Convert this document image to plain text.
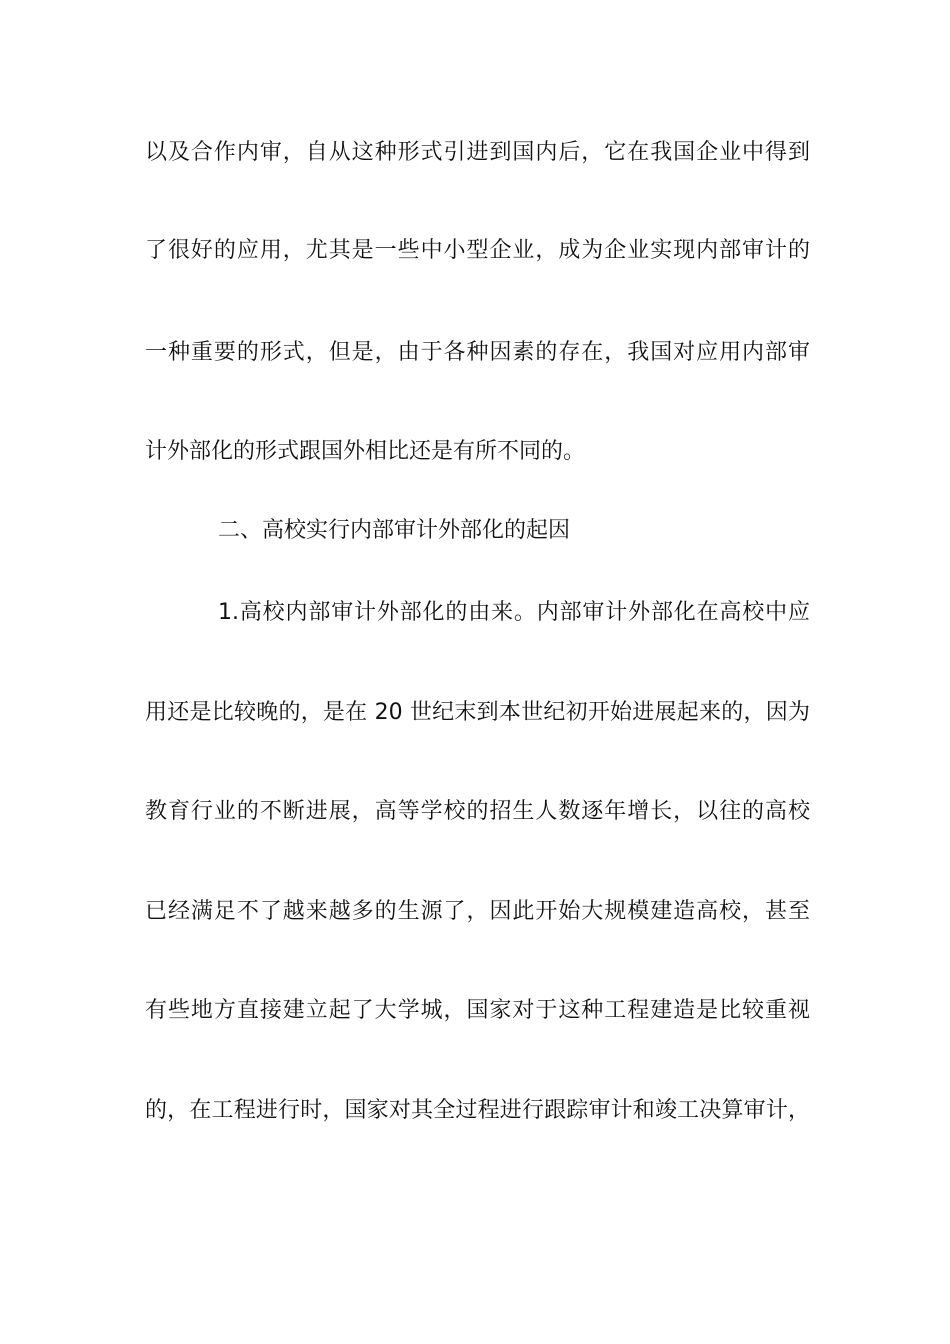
以及合作内审，自从这种形式引进到国内后，它在我国企业中得到
了很好的应用，尤其是一些中小型企业，成为企业实现内部审计的
一种重要的形式，但是，由于各种因素的存在，我国对应用内部审
计外部化的形式跟国外相比还是有所不同的。
二、高校实行内部审计外部化的起因
1.高校内部审计外部化的由来。内部审计外部化在高校中应
用还是比较晚的，是在 20 世纪末到本世纪初开始进展起来的，因为
教育行业的不断进展，高等学校的招生人数逐年增长，以往的高校
已经满足不了越来越多的生源了，因此开始大规模建造高校，甚至
有些地方直接建立起了大学城，国家对于这种工程建造是比较重视
的，在工程进行时，国家对其全过程进行跟踪审计和竣工决算审计，
